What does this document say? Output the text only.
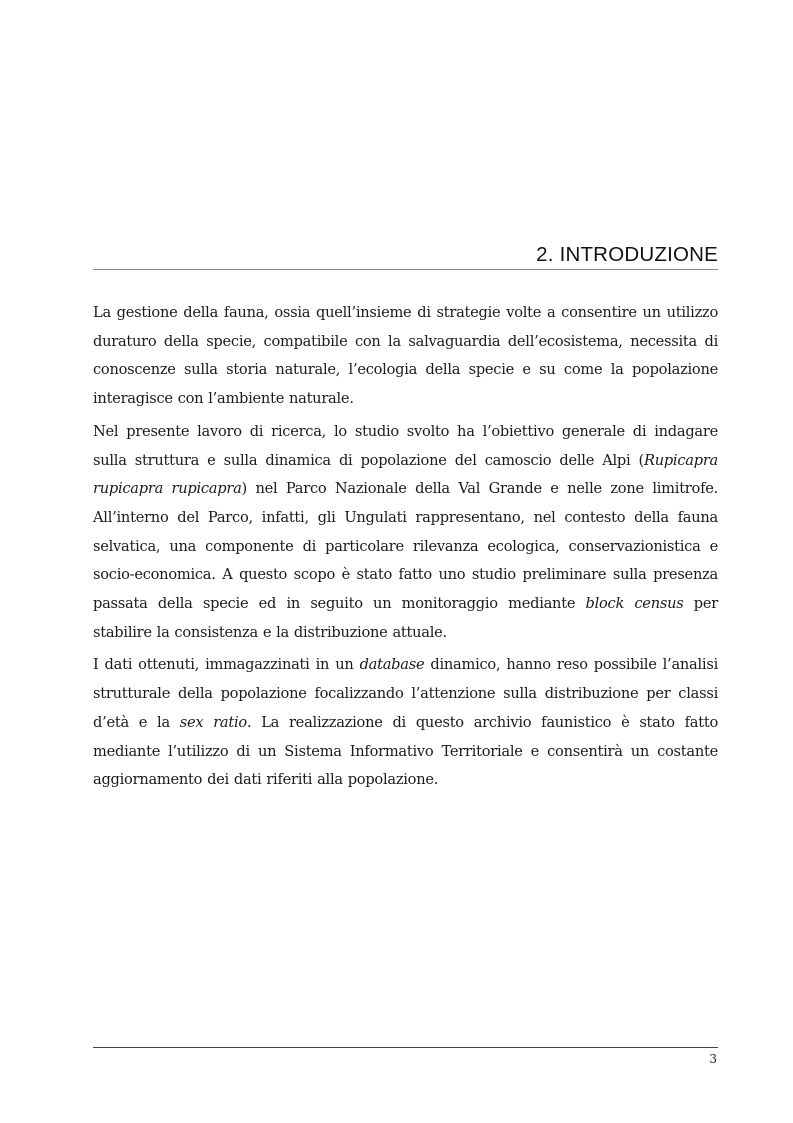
2. INTRODUZIONE

La gestione della fauna, ossia quell’insieme di strategie volte a consentire un utilizzo duraturo della specie, compatibile con la salvaguardia dell’ecosistema, necessita di conoscenze sulla storia naturale, l’ecologia della specie e su come la popolazione interagisce con l’ambiente naturale.

Nel presente lavoro di ricerca, lo studio svolto ha l’obiettivo generale di indagare sulla struttura e sulla dinamica di popolazione del camoscio delle Alpi (Rupicapra rupicapra rupicapra) nel Parco Nazionale della Val Grande e nelle zone limitrofe. All’interno del Parco, infatti, gli Ungulati rappresentano, nel contesto della fauna selvatica, una componente di particolare rilevanza ecologica, conservazionistica e socio-economica. A questo scopo è stato fatto uno studio preliminare sulla presenza passata della specie ed in seguito un monitoraggio mediante block census per stabilire la consistenza e la distribuzione attuale.

I dati ottenuti, immagazzinati in un database dinamico, hanno reso possibile l’analisi strutturale della popolazione focalizzando l’attenzione sulla distribuzione per classi d’età e la sex ratio. La realizzazione di questo archivio faunistico è stato fatto mediante l’utilizzo di un Sistema Informativo Territoriale e consentirà un costante aggiornamento dei dati riferiti alla popolazione.

3
